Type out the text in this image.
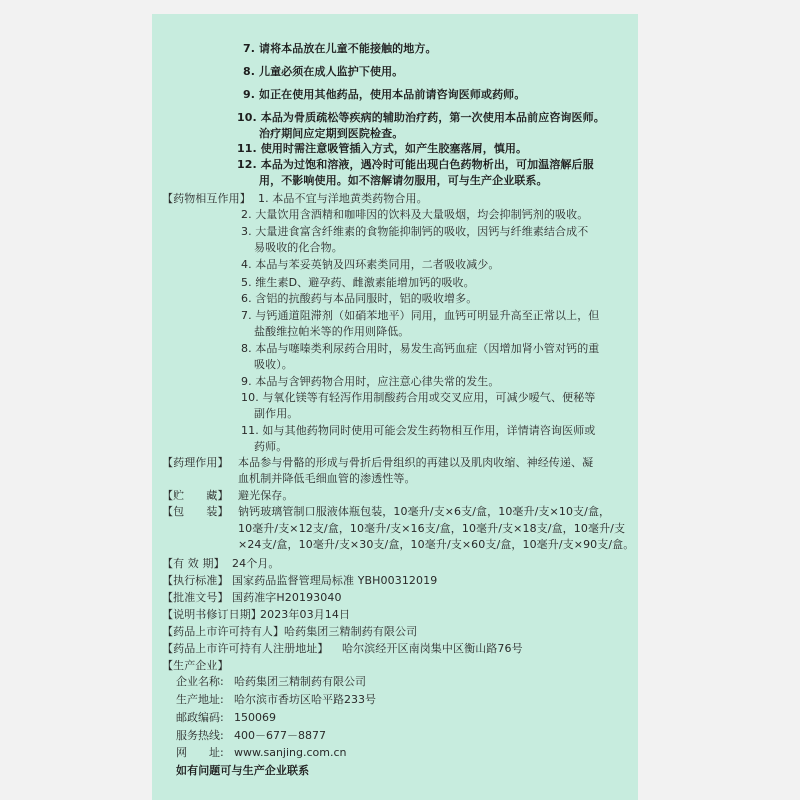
7. 请将本品放在儿童不能接触的地方。
8. 儿童必须在成人监护下使用。
9. 如正在使用其他药品，使用本品前请咨询医师或药师。
10. 本品为骨质疏松等疾病的辅助治疗药，第一次使用本品前应咨询医师。
治疗期间应定期到医院检查。
11. 使用时需注意吸管插入方式，如产生胶塞落屑，慎用。
12. 本品为过饱和溶液，遇冷时可能出现白色药物析出，可加温溶解后服
用，不影响使用。如不溶解请勿服用，可与生产企业联系。
【药物相互作用】 1. 本品不宜与洋地黄类药物合用。
2. 大量饮用含酒精和咖啡因的饮料及大量吸烟，均会抑制钙剂的吸收。
3. 大量进食富含纤维素的食物能抑制钙的吸收，因钙与纤维素结合成不
易吸收的化合物。
4. 本品与苯妥英钠及四环素类同用，二者吸收减少。
5. 维生素D、避孕药、雌激素能增加钙的吸收。
6. 含铝的抗酸药与本品同服时，铝的吸收增多。
7. 与钙通道阻滞剂（如硝苯地平）同用，血钙可明显升高至正常以上，但
盐酸维拉帕米等的作用则降低。
8. 本品与噻嗪类利尿药合用时，易发生高钙血症（因增加肾小管对钙的重
吸收）。
9. 本品与含钾药物合用时，应注意心律失常的发生。
10. 与氧化镁等有轻泻作用制酸药合用或交叉应用，可减少嗳气、便秘等
副作用。
11. 如与其他药物同时使用可能会发生药物相互作用，详情请咨询医师或
药师。
【药理作用】 本品参与骨骼的形成与骨折后骨组织的再建以及肌肉收缩、神经传递、凝
血机制并降低毛细血管的渗透性等。
【贮　　藏】 避光保存。
【包　　装】 钠钙玻璃管制口服液体瓶包装，10毫升/支×6支/盒，10毫升/支×10支/盒，
10毫升/支×12支/盒，10毫升/支×16支/盒，10毫升/支×18支/盒，10毫升/支
×24支/盒，10毫升/支×30支/盒，10毫升/支×60支/盒，10毫升/支×90支/盒。
【有 效 期】 24个月。
【执行标准】 国家药品监督管理局标准 YBH00312019
【批准文号】 国药准字H20193040
【说明书修订日期】
2023年03月14日
【药品上市许可持有人】 哈药集团三精制药有限公司
【药品上市许可持有人注册地址】 哈尔滨经开区南岗集中区衡山路76号
【生产企业】
企业名称: 哈药集团三精制药有限公司
生产地址: 哈尔滨市香坊区哈平路233号
邮政编码: 150069
服务热线: 400－677－8877
网　　址: www.sanjing.com.cn
如有问题可与生产企业联系
